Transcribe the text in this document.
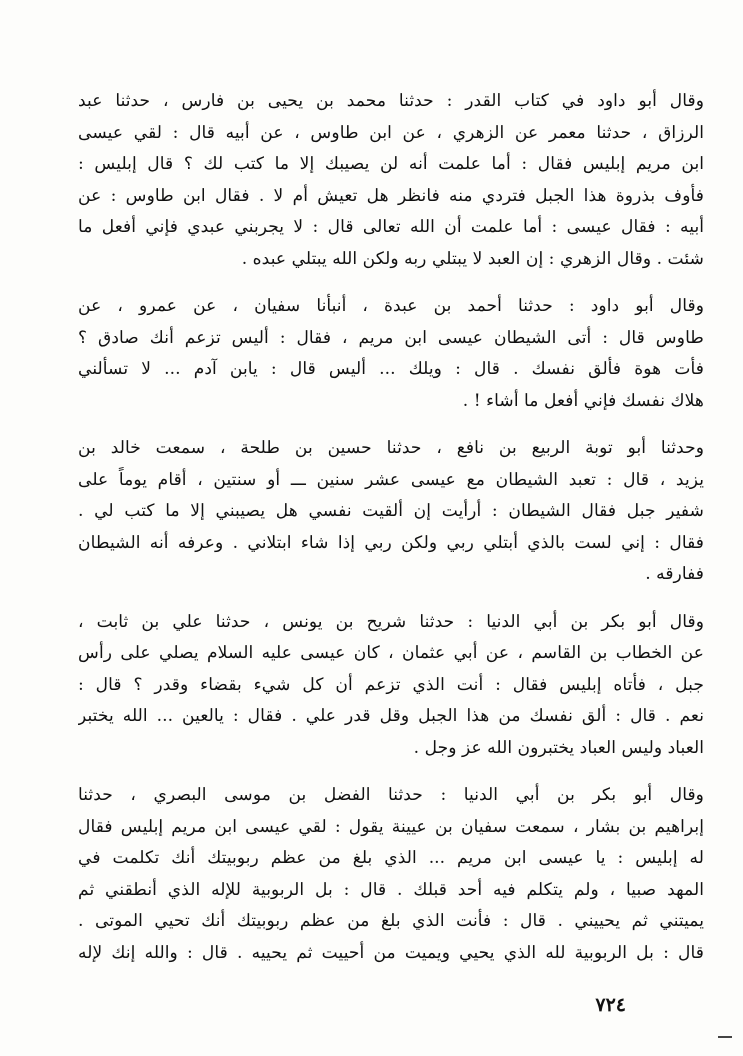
وقال أبو داود في كتاب القدر : حدثنا محمد بن يحيى بن فارس ، حدثنا عبد
الرزاق ، حدثنا معمر عن الزهري ، عن ابن طاوس ، عن أبيه قال : لقي عيسى
ابن مريم إبليس فقال : أما علمت أنه لن يصيبك إلا ما كتب لك ؟ قال إبليس :
فأوف بذروة هذا الجبل فتردي منه فانظر هل تعيش أم لا . فقال ابن طاوس : عن
أبيه : فقال عيسى : أما علمت أن الله تعالى قال : لا يجربني عبدي فإني أفعل ما
شئت . وقال الزهري : إن العبد لا يبتلي ربه ولكن الله يبتلي عبده .

وقال أبو داود : حدثنا أحمد بن عبدة ، أنبأنا سفيان ، عن عمرو ، عن
طاوس قال : أتى الشيطان عيسى ابن مريم ، فقال : أليس تزعم أنك صادق ؟
فأت هوة فألق نفسك . قال : ويلك ... أليس قال : يابن آدم ... لا تسألني
هلاك نفسك فإني أفعل ما أشاء ! .

وحدثنا أبو توبة الربيع بن نافع ، حدثنا حسين بن طلحة ، سمعت خالد بن
يزيد ، قال : تعبد الشيطان مع عيسى عشر سنين ـــ أو سنتين ، أقام يوماً على
شفير جبل فقال الشيطان : أرأيت إن ألقيت نفسي هل يصيبني إلا ما كتب لي .
فقال : إني لست بالذي أبتلي ربي ولكن ربي إذا شاء ابتلاني . وعرفه أنه الشيطان
ففارقه .

وقال أبو بكر بن أبي الدنيا : حدثنا شريح بن يونس ، حدثنا علي بن ثابت ،
عن الخطاب بن القاسم ، عن أبي عثمان ، كان عيسى عليه السلام يصلي على رأس
جبل ، فأتاه إبليس فقال : أنت الذي تزعم أن كل شيء بقضاء وقدر ؟ قال :
نعم . قال : ألق نفسك من هذا الجبل وقل قدر علي . فقال : يالعين ... الله يختبر
العباد وليس العباد يختبرون الله عز وجل .

وقال أبو بكر بن أبي الدنيا : حدثنا الفضل بن موسى البصري ، حدثنا
إبراهيم بن بشار ، سمعت سفيان بن عيينة يقول : لقي عيسى ابن مريم إبليس فقال
له إبليس : يا عيسى ابن مريم ... الذي بلغ من عظم ربوبيتك أنك تكلمت في
المهد صبيا ، ولم يتكلم فيه أحد قبلك . قال : بل الربوبية للإله الذي أنطقني ثم
يميتني ثم يحييني . قال : فأنت الذي بلغ من عظم ربوبيتك أنك تحيي الموتى .
قال : بل الربوبية لله الذي يحيي ويميت من أحييت ثم يحييه . قال : والله إنك لإله

٧٢٤
